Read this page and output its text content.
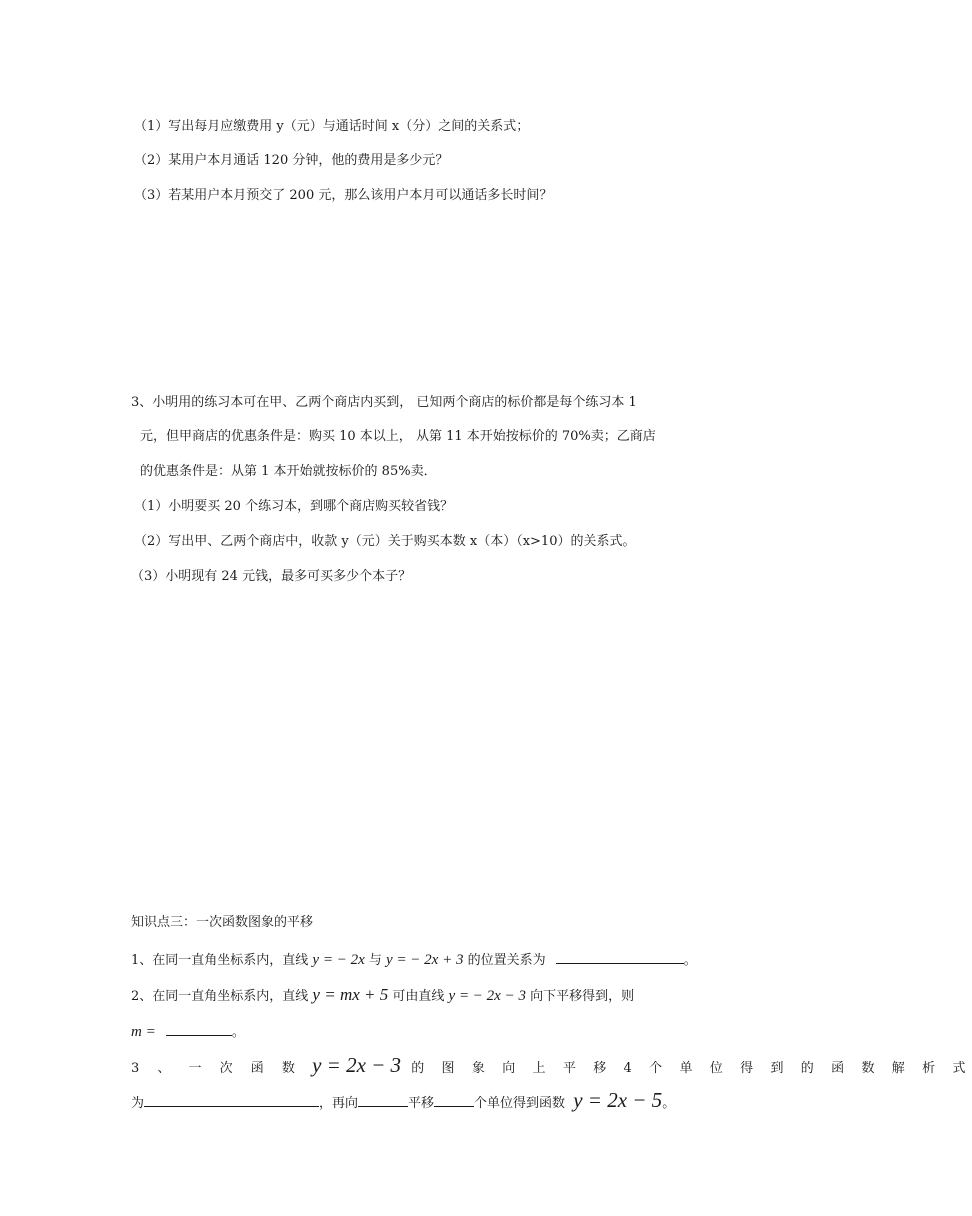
（1）写出每月应缴费用 y（元）与通话时间 x（分）之间的关系式；
（2）某用户本月通话 120 分钟，他的费用是多少元？
（3）若某用户本月预交了 200 元，那么该用户本月可以通话多长时间？
3、小明用的练习本可在甲、乙两个商店内买到， 已知两个商店的标价都是每个练习本 1
元，但甲商店的优惠条件是：购买 10 本以上， 从第 11 本开始按标价的 70%卖；乙商店
的优惠条件是：从第 1 本开始就按标价的 85%卖．
（1）小明要买 20 个练习本，到哪个商店购买较省钱？
（2）写出甲、乙两个商店中，收款 y（元）关于购买本数 x（本）（x>10）的关系式。
（3）小明现有 24 元钱，最多可买多少个本子？
知识点三：一次函数图象的平移
1、在同一直角坐标系内，直线 y = − 2x 与 y = − 2x + 3 的位置关系为	。
2、在同一直角坐标系内，直线 y = mx + 5 可由直线 y = − 2x − 3 向下平移得到，则
m =	。
3 、 一 次 函 数 y = 2x − 3 的 图 象 向 上 平 移 4 个 单 位 得 到 的 函 数 解 析 式
为	，再向	平移	个单位得到函数 y = 2x − 5。
